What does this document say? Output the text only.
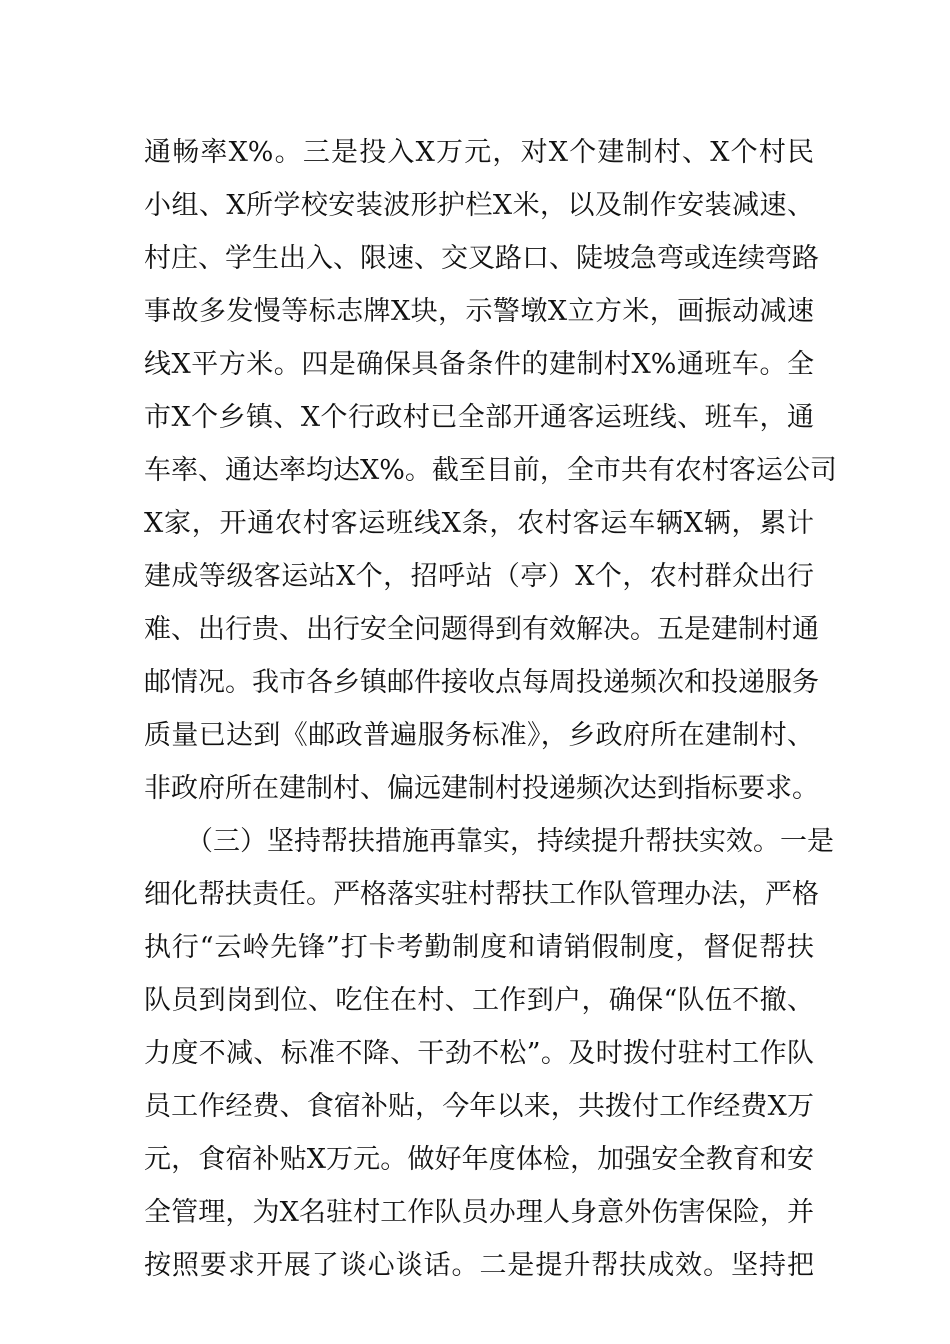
通畅率X%。三是投入X万元，对X个建制村、X个村民
小组、X所学校安装波形护栏X米，以及制作安装减速、
村庄、学生出入、限速、交叉路口、陡坡急弯或连续弯路
事故多发慢等标志牌X块，示警墩X立方米，画振动减速
线X平方米。四是确保具备条件的建制村X%通班车。全
市X个乡镇、X个行政村已全部开通客运班线、班车，通
车率、通达率均达X%。截至目前，全市共有农村客运公司
X家，开通农村客运班线X条，农村客运车辆X辆，累计
建成等级客运站X个，招呼站（亭）X个，农村群众出行
难、出行贵、出行安全问题得到有效解决。五是建制村通
邮情况。我市各乡镇邮件接收点每周投递频次和投递服务
质量已达到《邮政普遍服务标准》，乡政府所在建制村、
非政府所在建制村、偏远建制村投递频次达到指标要求。
（三）坚持帮扶措施再靠实，持续提升帮扶实效。一是
细化帮扶责任。严格落实驻村帮扶工作队管理办法，严格
执行“云岭先锋”打卡考勤制度和请销假制度，督促帮扶
队员到岗到位、吃住在村、工作到户，确保“队伍不撤、
力度不减、标准不降、干劲不松”。及时拨付驻村工作队
员工作经费、食宿补贴，今年以来，共拨付工作经费X万
元，食宿补贴X万元。做好年度体检，加强安全教育和安
全管理，为X名驻村工作队员办理人身意外伤害保险，并
按照要求开展了谈心谈话。二是提升帮扶成效。坚持把
